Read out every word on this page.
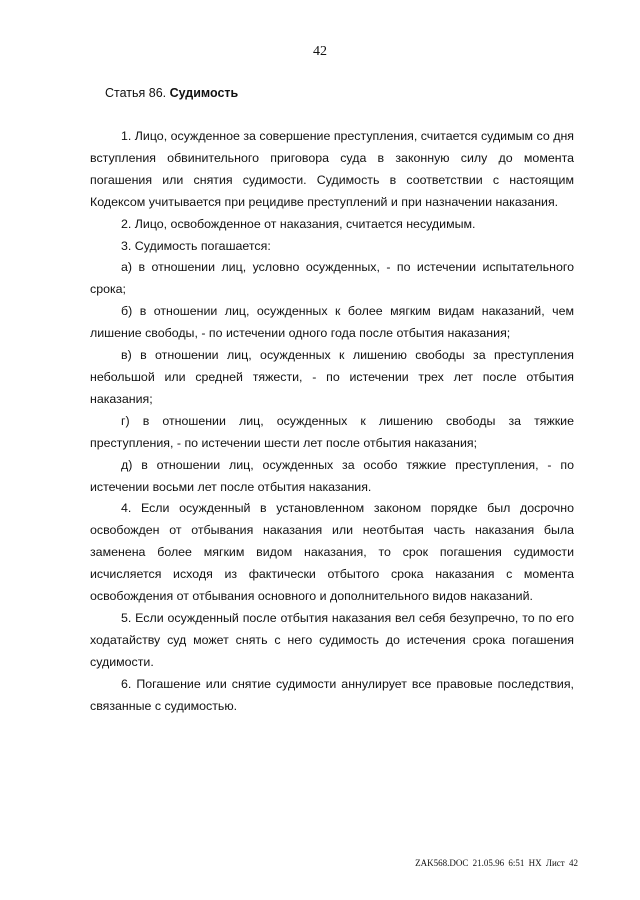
42
Статья 86. Судимость

1. Лицо, осужденное за совершение преступления, считается судимым со дня вступления обвинительного приговора суда в законную силу до момента погашения или снятия судимости. Судимость в соответствии с настоящим Кодексом учитывается при рецидиве преступлений и при назначении наказания.

2. Лицо, освобожденное от наказания, считается несудимым.

3. Судимость погашается:

а) в отношении лиц, условно осужденных, - по истечении испытательного срока;

б) в отношении лиц, осужденных к более мягким видам наказаний, чем лишение свободы, - по истечении одного года после отбытия наказания;

в) в отношении лиц, осужденных к лишению свободы за преступления небольшой или средней тяжести, - по истечении трех лет после отбытия наказания;

г) в отношении лиц, осужденных к лишению свободы за тяжкие преступления, - по истечении шести лет после отбытия наказания;

д) в отношении лиц, осужденных за особо тяжкие преступления, - по истечении восьми лет после отбытия наказания.

4. Если осужденный в установленном законом порядке был досрочно освобожден от отбывания наказания или неотбытая часть наказания была заменена более мягким видом наказания, то срок погашения судимости исчисляется исходя из фактически отбытого срока наказания с момента освобождения от отбывания основного и дополнительного видов наказаний.

5. Если осужденный после отбытия наказания вел себя безупречно, то по его ходатайству суд может снять с него судимость до истечения срока погашения судимости.

6. Погашение или снятие судимости аннулирует все правовые последствия, связанные с судимостью.

ZAK568.DOC 21.05.96 6:51 НХ Лист 42
